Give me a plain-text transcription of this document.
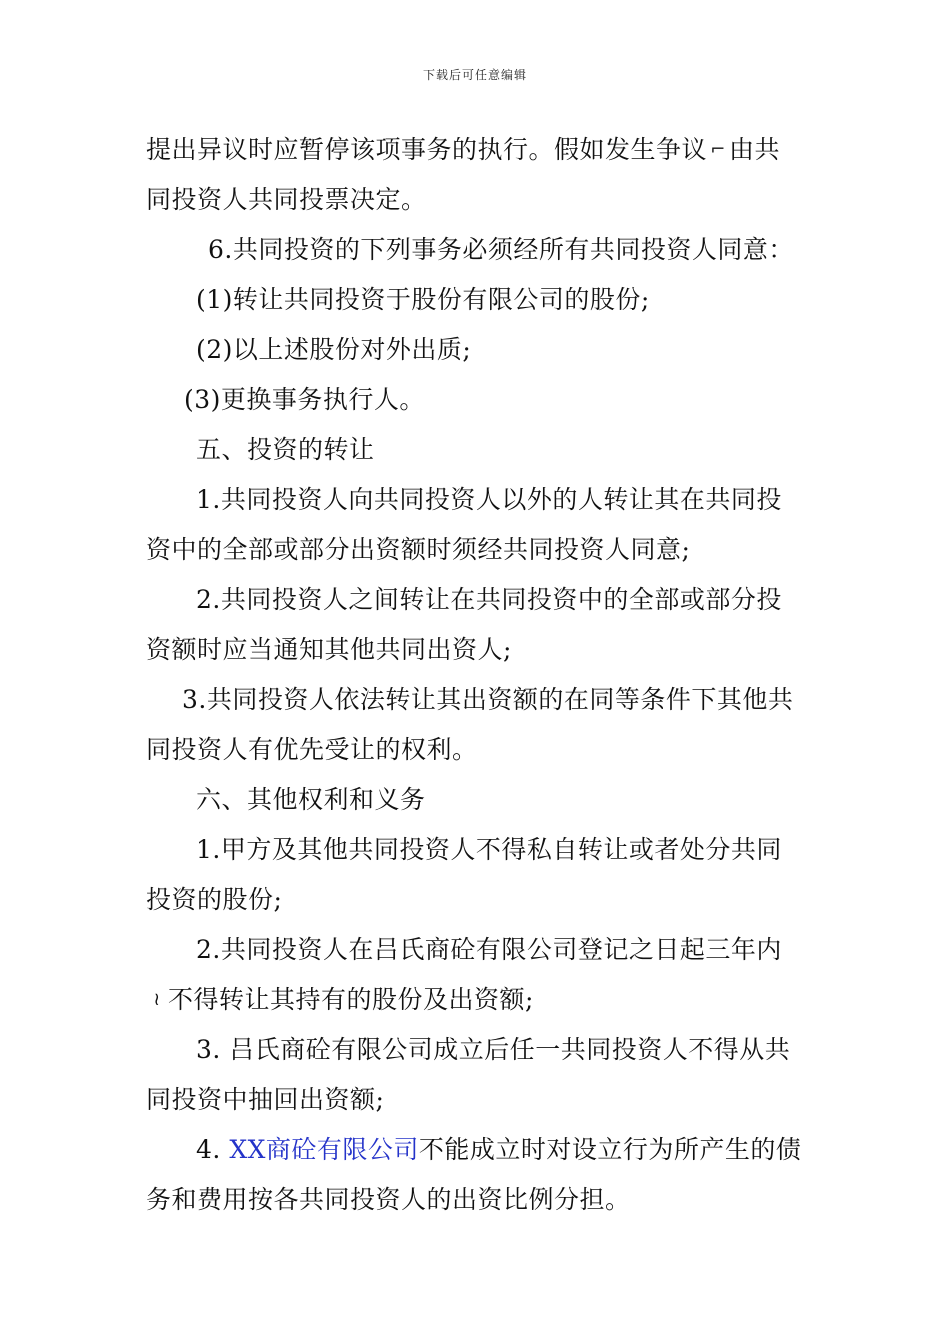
下载后可任意编辑
提出异议时应暂停该项事务的执行。假如发生争议 ⌐ 由共
同投资人共同投票决定。
6.共同投资的下列事务必须经所有共同投资人同意：
(1)转让共同投资于股份有限公司的股份;
(2)以上述股份对外出质;
(3)更换事务执行人。
五、投资的转让
1.共同投资人向共同投资人以外的人转让其在共同投
资中的全部或部分出资额时须经共同投资人同意;
2.共同投资人之间转让在共同投资中的全部或部分投
资额时应当通知其他共同出资人;
3.共同投资人依法转让其出资额的在同等条件下其他共
同投资人有优先受让的权利。
六、其他权利和义务
1.甲方及其他共同投资人不得私自转让或者处分共同
投资的股份;
2.共同投资人在吕氏商砼有限公司登记之日起三年内
≀ 不得转让其持有的股份及出资额;
3. 吕氏商砼有限公司成立后任一共同投资人不得从共
同投资中抽回出资额;
4. XX商砼有限公司不能成立时对设立行为所产生的债
务和费用按各共同投资人的出资比例分担。
